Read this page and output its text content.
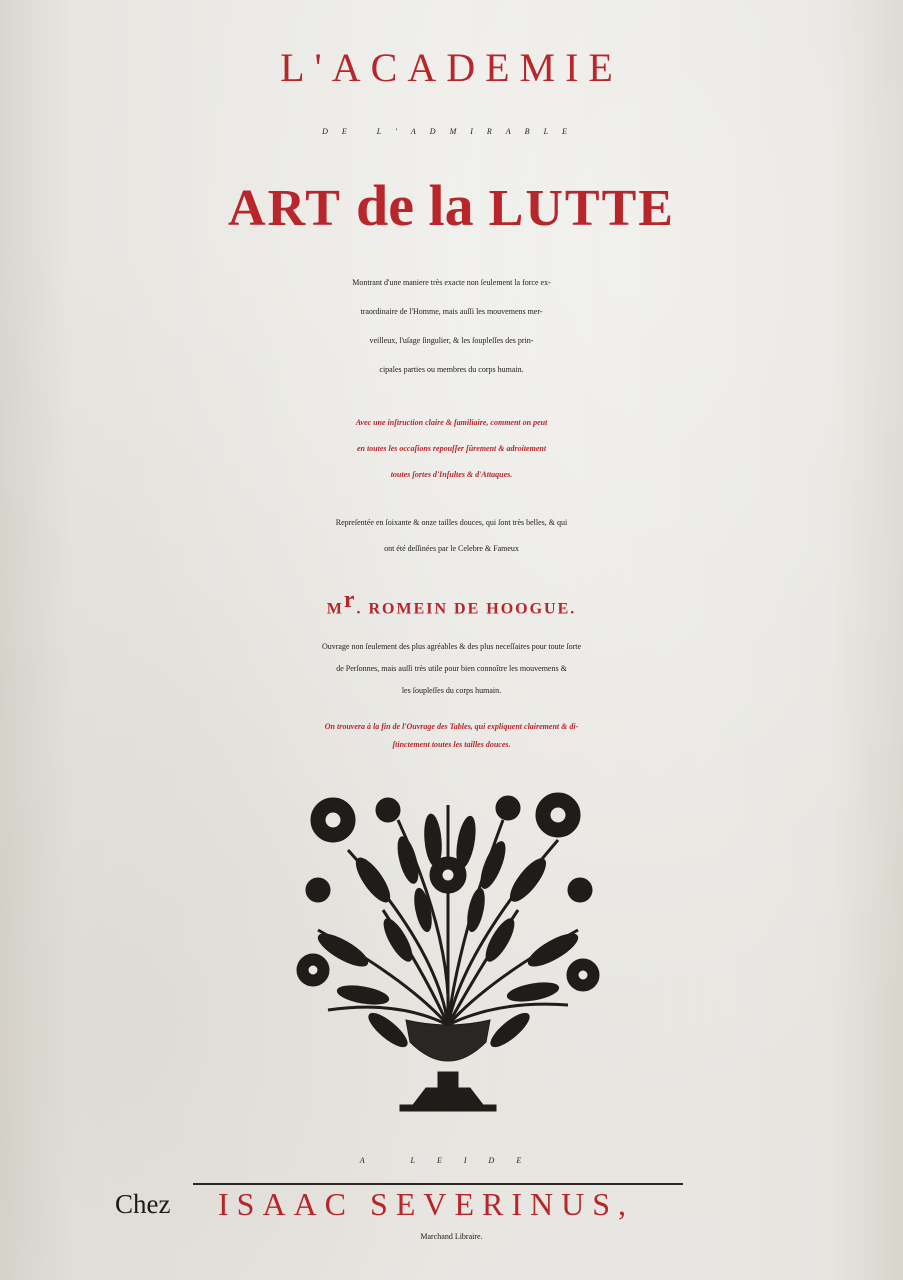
L'ACADEMIE

DE L'ADMIRABLE

ART de la LUTTE

Montrant d'une maniere très exacte non ſeulement la force ex-

traordinaire de l'Homme, mais auſſi les mouvemens mer-

veilleux, l'uſage ſingulier, & les ſoupleſſes des prin-

cipales parties ou membres du corps humain.

Avec une inſtruction claire & familiaire, comment on peut

en toutes les occaſions repouſſer ſûrement & adroitement

toutes ſortes d'Inſultes & d'Attaques.

Repreſentée en ſoixante & onze tailles douces, qui ſont très belles, & qui

ont été deſſinées par le Celebre & Fameux

$M^r$. ROMEIN DE HOOGUE.

Ouvrage non ſeulement des plus agréables & des plus neceſſaires pour toute ſorte

de Perſonnes, mais auſſi très utile pour bien connoître les mouvemens &

les ſoupleſſes du corps humain.

On trouvera à la fin de l'Ouvrage des Tables, qui expliquent clairement & di-

ſtinctement toutes les tailles douces.

A LEIDE

Chez ISAAC SEVERINUS,

Marchand Libraire.
